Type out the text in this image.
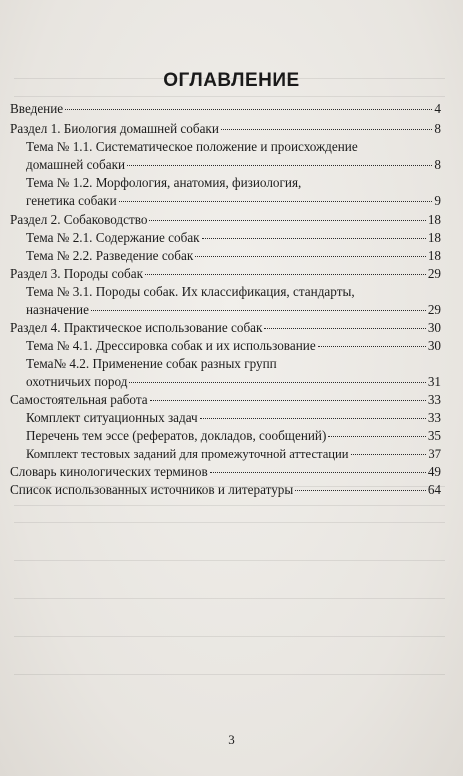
ОГЛАВЛЕНИЕ
Введение	4
Раздел 1. Биология домашней собаки	8
Тема № 1.1. Систематическое положение и происхождение
домашней собаки	8
Тема № 1.2. Морфология, анатомия, физиология,
генетика собаки	9
Раздел 2. Собаководство	18
Тема № 2.1. Содержание собак	18
Тема № 2.2. Разведение собак	18
Раздел 3. Породы собак	29
Тема № 3.1. Породы собак. Их классификация, стандарты,
назначение	29
Раздел 4. Практическое использование собак	30
Тема № 4.1. Дрессировка собак и их использование	30
Тема№ 4.2. Применение собак разных групп
охотничьих пород	31
Самостоятельная работа	33
Комплект ситуационных задач	33
Перечень тем эссе (рефератов, докладов, сообщений)	35
Комплект тестовых заданий для промежуточной аттестации	37
Словарь кинологических терминов	49
Список использованных источников и литературы	64
3
